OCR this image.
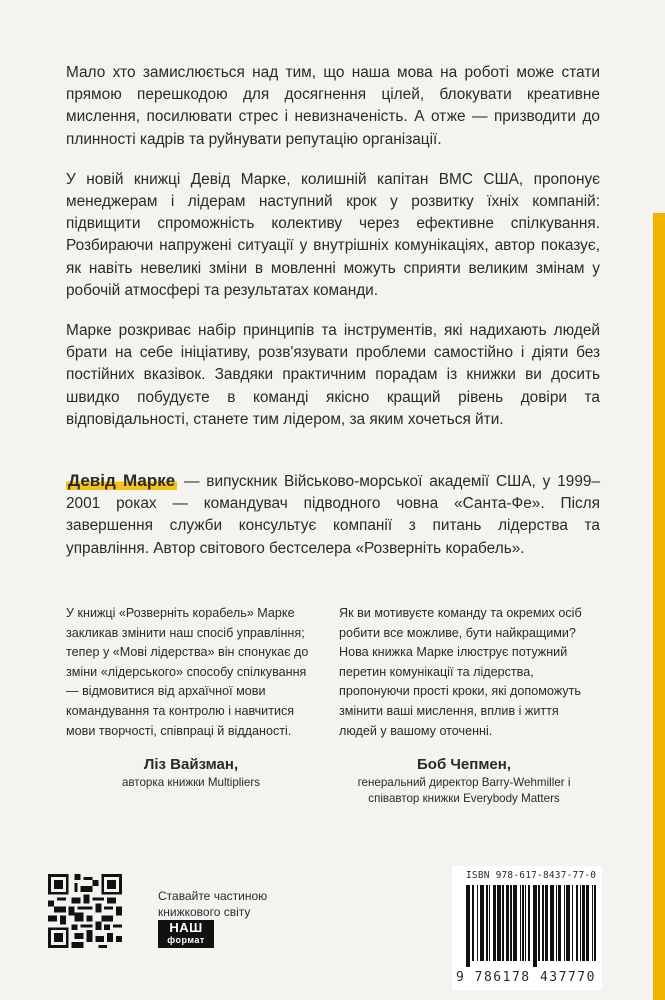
Мало хто замислюється над тим, що наша мова на роботі може стати прямою перешкодою для досягнення цілей, блокувати креативне мислення, посилювати стрес і невизначеність. А отже — призводити до плинності кадрів та руйнувати репутацію організації.

У новій книжці Девід Марке, колишній капітан ВМС США, пропонує менеджерам і лідерам наступний крок у розвитку їхніх компаній: підвищити спроможність колективу через ефективне спілкування. Розбираючи напружені ситуації у внутрішніх комунікаціях, автор показує, як навіть невеликі зміни в мовленні можуть сприяти великим змінам у робочій атмосфері та результатах команди.

Марке розкриває набір принципів та інструментів, які надихають людей брати на себе ініціативу, розв'язувати проблеми самостійно і діяти без постійних вказівок. Завдяки практичним порадам із книжки ви досить швидко побудуєте в команді якісно кращий рівень довіри та відповідальності, станете тим лідером, за яким хочеться йти.

Девід Марке — випускник Військово-морської академії США, у 1999–2001 роках — командувач підводного човна «Санта-Фе». Після завершення служби консультує компанії з питань лідерства та управління. Автор світового бестселера «Розверніть корабель».

У книжці «Розверніть корабель» Марке закликав змінити наш спосіб управління; тепер у «Мові лідерства» він спонукає до зміни «лідерського» способу спілкування — відмовитися від архаїчної мови командування та контролю і навчитися мови творчості, співпраці й відданості.

Ліз Вайзман,
авторка книжки Multipliers

Як ви мотивуєте команду та окремих осіб робити все можливе, бути найкращими? Нова книжка Марке ілюструє потужний перетин комунікації та лідерства, пропонуючи прості кроки, які допоможуть змінити ваші мислення, вплив і життя людей у вашому оточенні.

Боб Чепмен,
генеральний директор Barry-Wehmiller і співавтор книжки Everybody Matters
Ставайте частиною книжкового світу
НАШ
формат
ISBN 978-617-8437-77-0
9 786178 437770
